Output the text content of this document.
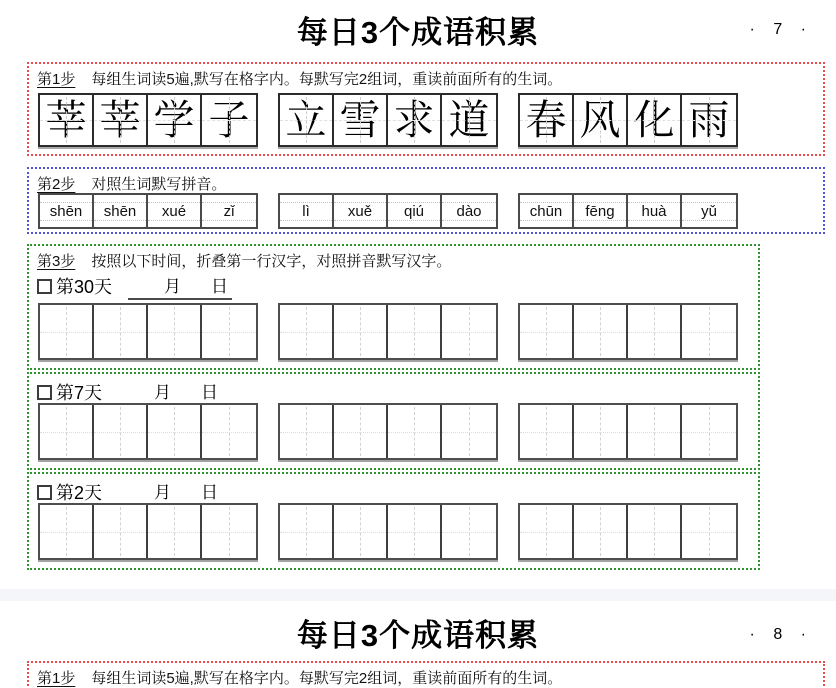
每日3个成语积累	· 7 ·
第1步 每组生词读5遍,默写在格字内。每默写完2组词，重读前面所有的生词。
莘 莘 学 子 立 雪 求 道 春 风 化 雨
第2步 对照生词默写拼音。
shēn	shēn	xué	zǐ	lì	xuě	qiú	dào	chūn	fēng	huà	yǔ
第3步 按照以下时间，折叠第一行汉字，对照拼音默写汉字。
第30天	月 日
第7天	月 日
第2天	月 日
每日3个成语积累	· 8 ·
第1步 每组生词读5遍,默写在格字内。每默写完2组词，重读前面所有的生词。
